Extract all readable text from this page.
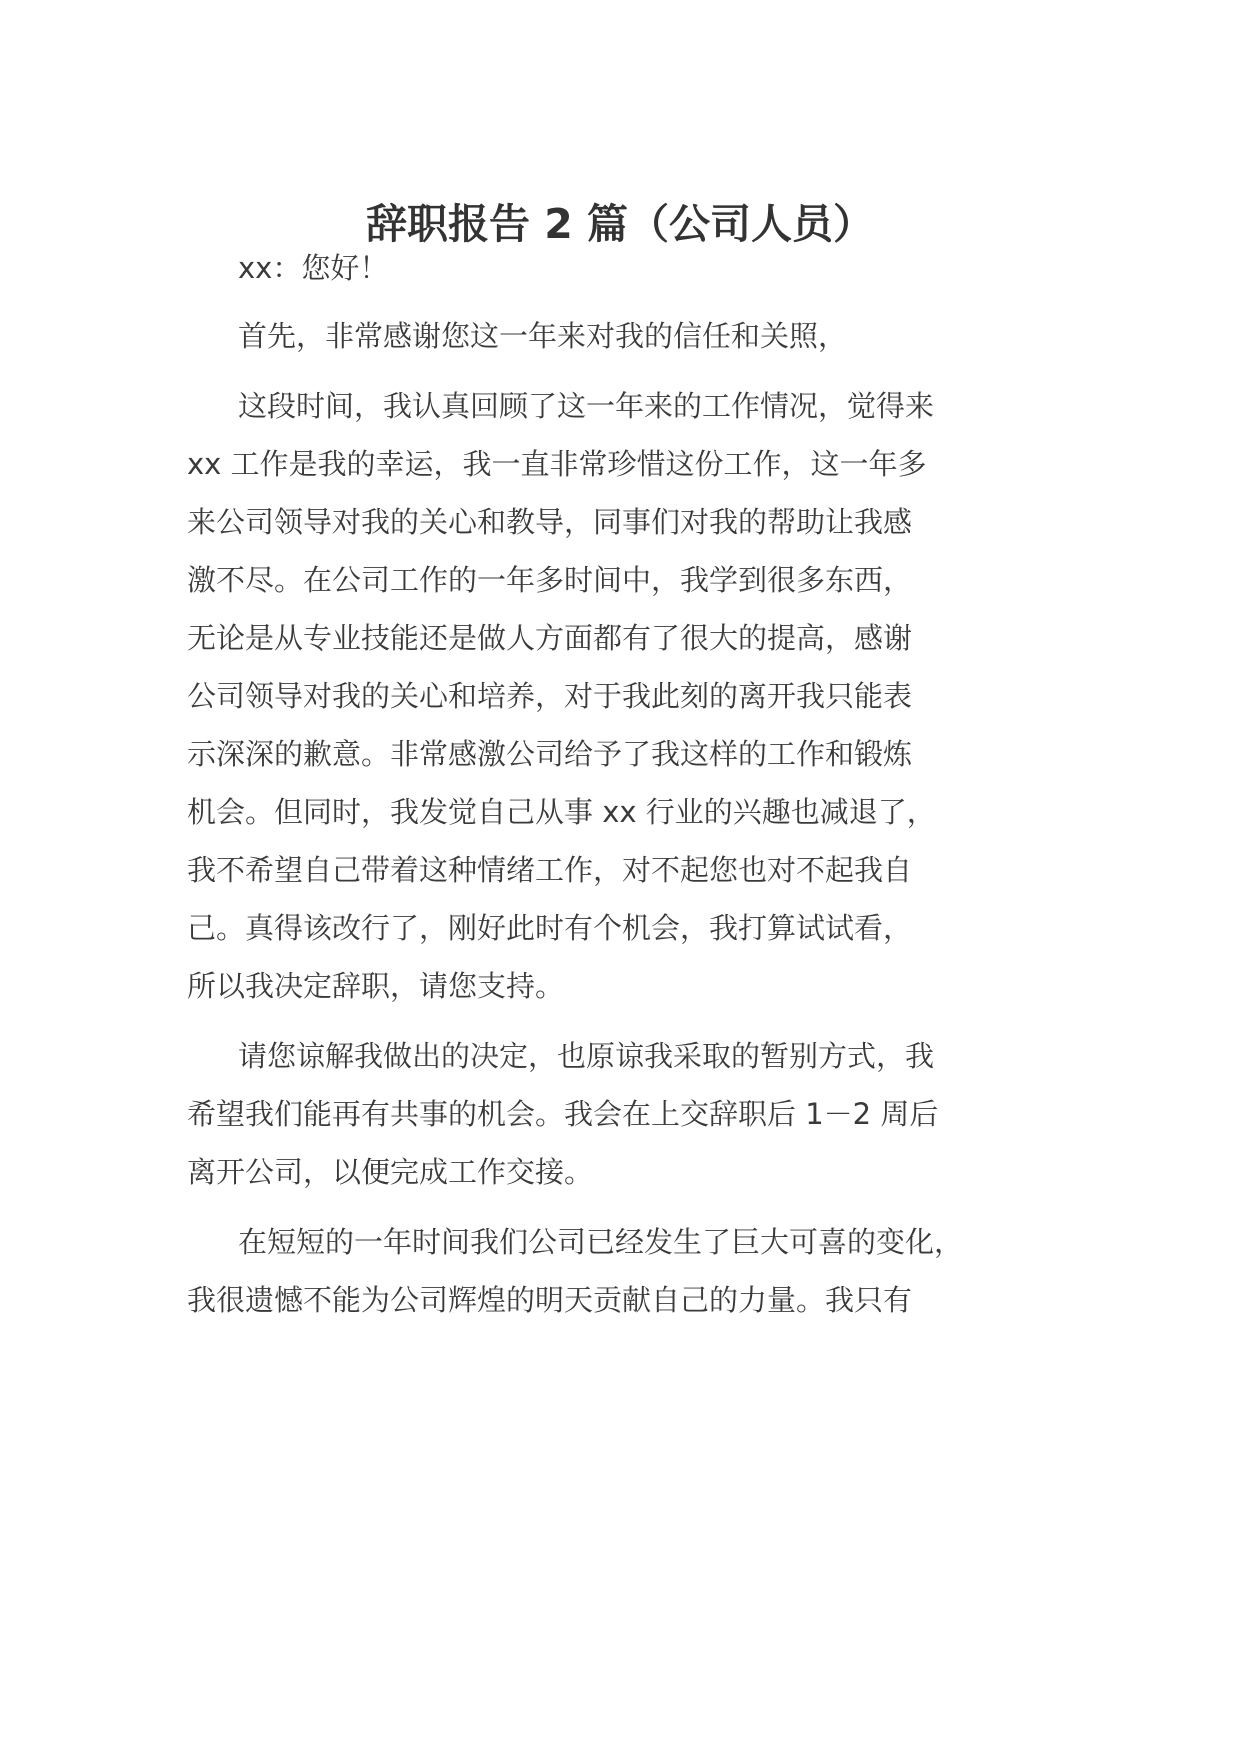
辞职报告 2 篇（公司人员）

xx：您好！

首先，非常感谢您这一年来对我的信任和关照，

这段时间，我认真回顾了这一年来的工作情况，觉得来

xx 工作是我的幸运，我一直非常珍惜这份工作，这一年多

来公司领导对我的关心和教导，同事们对我的帮助让我感

激不尽。在公司工作的一年多时间中，我学到很多东西，

无论是从专业技能还是做人方面都有了很大的提高，感谢

公司领导对我的关心和培养，对于我此刻的离开我只能表

示深深的歉意。非常感激公司给予了我这样的工作和锻炼

机会。但同时，我发觉自己从事 xx 行业的兴趣也减退了，

我不希望自己带着这种情绪工作，对不起您也对不起我自

己。真得该改行了，刚好此时有个机会，我打算试试看，

所以我决定辞职，请您支持。

请您谅解我做出的决定，也原谅我采取的暂别方式，我

希望我们能再有共事的机会。我会在上交辞职后 1－2 周后

离开公司，以便完成工作交接。

在短短的一年时间我们公司已经发生了巨大可喜的变化，

我很遗憾不能为公司辉煌的明天贡献自己的力量。我只有
